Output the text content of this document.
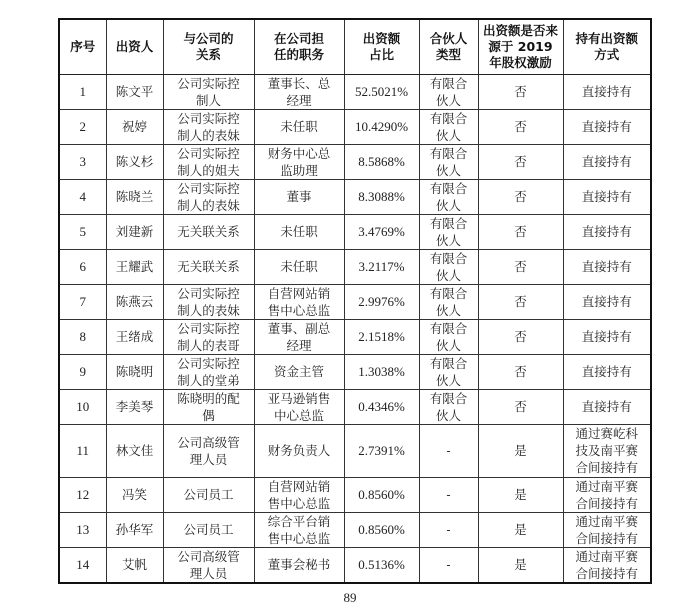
序号	出资人	与公司的关系	在公司担任的职务	出资额占比	合伙人类型	出资额是否来源于 2019 年股权激励	持有出资额方式
1	陈文平	公司实际控制人	董事长、总经理	52.5021%	有限合伙人	否	直接持有
2	祝婷	公司实际控制人的表妹	未任职	10.4290%	有限合伙人	否	直接持有
3	陈义杉	公司实际控制人的姐夫	财务中心总监助理	8.5868%	有限合伙人	否	直接持有
4	陈晓兰	公司实际控制人的表妹	董事	8.3088%	有限合伙人	否	直接持有
5	刘建新	无关联关系	未任职	3.4769%	有限合伙人	否	直接持有
6	王耀武	无关联关系	未任职	3.2117%	有限合伙人	否	直接持有
7	陈燕云	公司实际控制人的表妹	自营网站销售中心总监	2.9976%	有限合伙人	否	直接持有
8	王绪成	公司实际控制人的表哥	董事、副总经理	2.1518%	有限合伙人	否	直接持有
9	陈晓明	公司实际控制人的堂弟	资金主管	1.3038%	有限合伙人	否	直接持有
10	李美琴	陈晓明的配偶	亚马逊销售中心总监	0.4346%	有限合伙人	否	直接持有
11	林文佳	公司高级管理人员	财务负责人	2.7391%	-	是	通过赛屹科技及南平赛合间接持有
12	冯笑	公司员工	自营网站销售中心总监	0.8560%	-	是	通过南平赛合间接持有
13	孙华军	公司员工	综合平台销售中心总监	0.8560%	-	是	通过南平赛合间接持有
14	艾帆	公司高级管理人员	董事会秘书	0.5136%	-	是	通过南平赛合间接持有
89
